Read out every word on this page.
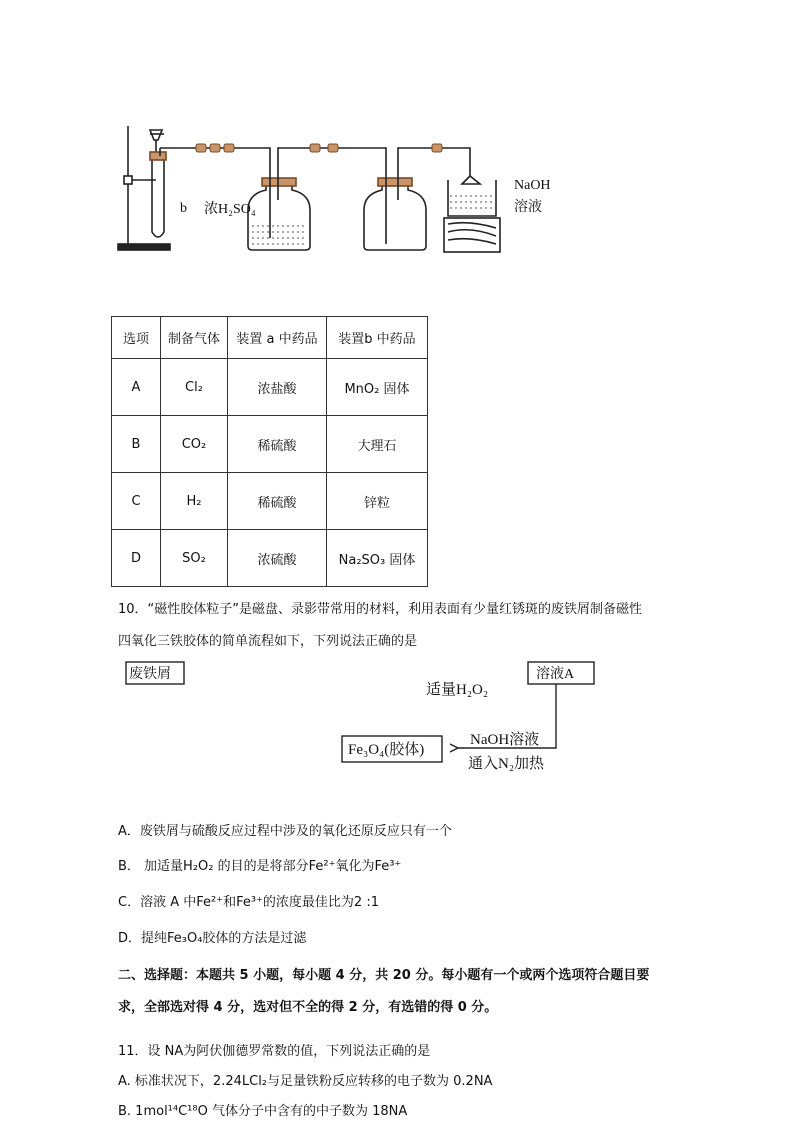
b 浓H₂SO₄
NaOH
溶液
选项	制备气体	装置 a 中药品	装置b 中药品
A	Cl₂	浓盐酸	MnO₂ 固体
B	CO₂	稀硫酸	大理石
C	H₂	稀硫酸	锌粒
D	SO₂	浓硫酸	Na₂SO₃ 固体
10．“磁性胶体粒子”是磁盘、录影带常用的材料，利用表面有少量红锈斑的废铁屑制备磁性
四氧化三铁胶体的简单流程如下，下列说法正确的是
废铁屑	溶液A
适量H₂O₂
Fe₃O₄(胶体)
NaOH溶液
通入N₂加热
A．废铁屑与硫酸反应过程中涉及的氧化还原反应只有一个
B． 加适量H₂O₂ 的目的是将部分Fe²⁺氧化为Fe³⁺
C．溶液 A 中Fe²⁺和Fe³⁺的浓度最佳比为2 :1
D．提纯Fe₃O₄胶体的方法是过滤
二、选择题：本题共 5 小题，每小题 4 分，共 20 分。每小题有一个或两个选项符合题目要
求，全部选对得 4 分，选对但不全的得 2 分，有选错的得 0 分。
11．设 NA为阿伏伽德罗常数的值，下列说法正确的是
A. 标准状况下，2.24LCl₂与足量铁粉反应转移的电子数为 0.2NA
B. 1mol¹⁴C¹⁸O 气体分子中含有的中子数为 18NA
